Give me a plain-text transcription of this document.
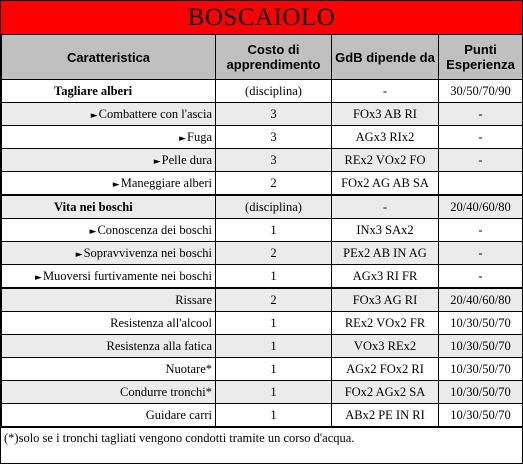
BOSCAIOLO
Caratteristica	Costo di apprendimento	GdB dipende da	Punti Esperienza
Tagliare alberi	(disciplina)	-	30/50/70/90
►Combattere con l'ascia	3	FOx3 AB RI	-
►Fuga	3	AGx3 RIx2	-
►Pelle dura	3	REx2 VOx2 FO	-
►Maneggiare alberi	2	FOx2 AG AB SA	
Vita nei boschi	(disciplina)	-	20/40/60/80
►Conoscenza dei boschi	1	INx3 SAx2	-
►Sopravvivenza nei boschi	2	PEx2 AB IN AG	-
►Muoversi furtivamente nei boschi	1	AGx3 RI FR	-
Rissare	2	FOx3 AG RI	20/40/60/80
Resistenza all'alcool	1	REx2 VOx2 FR	10/30/50/70
Resistenza alla fatica	1	VOx3 REx2	10/30/50/70
Nuotare*	1	AGx2 FOx2 RI	10/30/50/70
Condurre tronchi*	1	FOx2 AGx2 SA	10/30/50/70
Guidare carri	1	ABx2 PE IN RI	10/30/50/70
(*)solo se i tronchi tagliati vengono condotti tramite un corso d'acqua.
